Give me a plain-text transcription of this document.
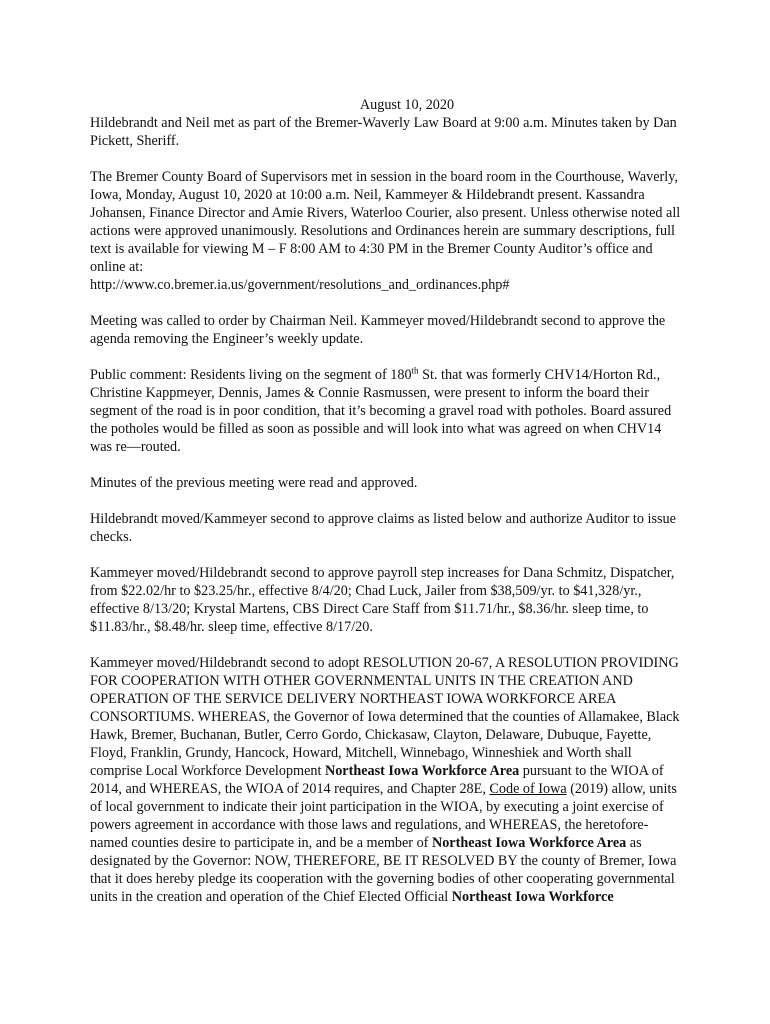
August 10, 2020

Hildebrandt and Neil met as part of the Bremer-Waverly Law Board at 9:00 a.m. Minutes taken by Dan Pickett, Sheriff.

The Bremer County Board of Supervisors met in session in the board room in the Courthouse, Waverly, Iowa, Monday, August 10, 2020 at 10:00 a.m. Neil, Kammeyer & Hildebrandt present. Kassandra Johansen, Finance Director and Amie Rivers, Waterloo Courier, also present. Unless otherwise noted all actions were approved unanimously. Resolutions and Ordinances herein are summary descriptions, full text is available for viewing M – F 8:00 AM to 4:30 PM in the Bremer County Auditor’s office and online at:
http://www.co.bremer.ia.us/government/resolutions_and_ordinances.php#

Meeting was called to order by Chairman Neil. Kammeyer moved/Hildebrandt second to approve the agenda removing the Engineer’s weekly update.

Public comment: Residents living on the segment of 180th St. that was formerly CHV14/Horton Rd., Christine Kappmeyer, Dennis, James & Connie Rasmussen, were present to inform the board their segment of the road is in poor condition, that it’s becoming a gravel road with potholes. Board assured the potholes would be filled as soon as possible and will look into what was agreed on when CHV14 was re—routed.

Minutes of the previous meeting were read and approved.

Hildebrandt moved/Kammeyer second to approve claims as listed below and authorize Auditor to issue checks.

Kammeyer moved/Hildebrandt second to approve payroll step increases for Dana Schmitz, Dispatcher, from $22.02/hr to $23.25/hr., effective 8/4/20; Chad Luck, Jailer from $38,509/yr. to $41,328/yr., effective 8/13/20; Krystal Martens, CBS Direct Care Staff from $11.71/hr., $8.36/hr. sleep time, to $11.83/hr., $8.48/hr. sleep time, effective 8/17/20.

Kammeyer moved/Hildebrandt second to adopt RESOLUTION 20-67, A RESOLUTION PROVIDING FOR COOPERATION WITH OTHER GOVERNMENTAL UNITS IN THE CREATION AND OPERATION OF THE SERVICE DELIVERY NORTHEAST IOWA WORKFORCE AREA CONSORTIUMS. WHEREAS, the Governor of Iowa determined that the counties of Allamakee, Black Hawk, Bremer, Buchanan, Butler, Cerro Gordo, Chickasaw, Clayton, Delaware, Dubuque, Fayette, Floyd, Franklin, Grundy, Hancock, Howard, Mitchell, Winnebago, Winneshiek and Worth shall comprise Local Workforce Development Northeast Iowa Workforce Area pursuant to the WIOA of 2014, and WHEREAS, the WIOA of 2014 requires, and Chapter 28E, Code of Iowa (2019) allow, units of local government to indicate their joint participation in the WIOA, by executing a joint exercise of powers agreement in accordance with those laws and regulations, and WHEREAS, the heretofore-named counties desire to participate in, and be a member of Northeast Iowa Workforce Area as designated by the Governor: NOW, THEREFORE, BE IT RESOLVED BY the county of Bremer, Iowa that it does hereby pledge its cooperation with the governing bodies of other cooperating governmental units in the creation and operation of the Chief Elected Official Northeast Iowa Workforce
